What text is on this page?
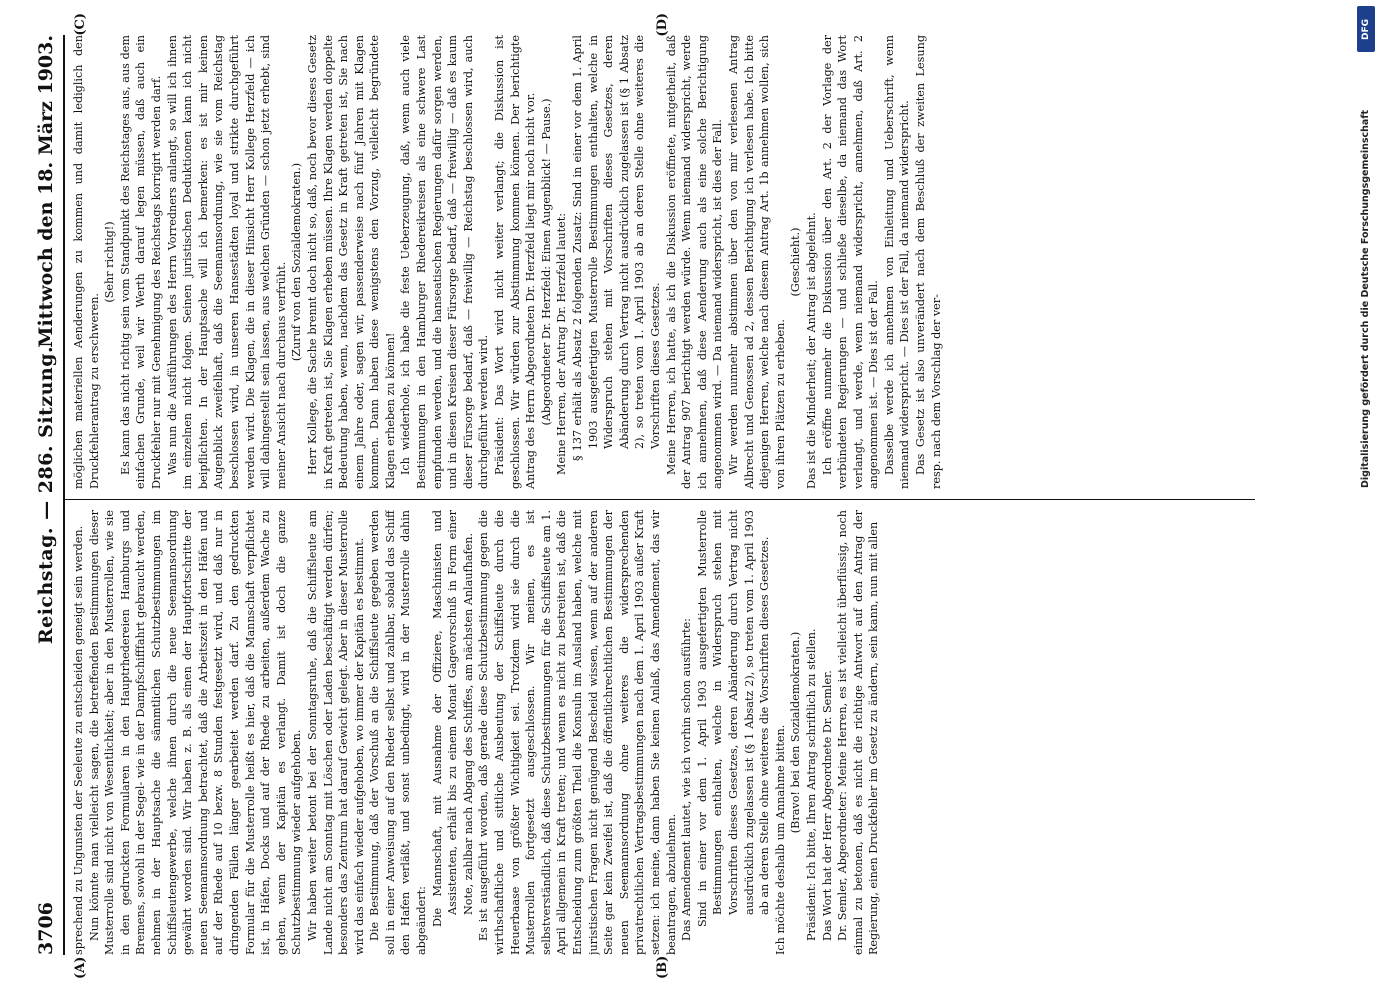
3706
Reichstag. — 286. Sitzung.
Mittwoch den 18. März 1903.
(A)	(B)
(C)	(D)

sprechend zu Ungunsten der Seeleute zu entscheiden geneigt sein werden. Nun könnte man vielleicht sagen, die betreffenden Bestimmungen dieser Musterrolle sind nicht von Wesentlichkeit; aber in den Musterrollen, wie sie in den gedruckten Formularen in den Hauptrhedereien Hamburgs und Bremens, sowohl in der Segel- wie in der Dampfschifffahrt gebraucht werden, nehmen in der Hauptsache die sämmtlichen Schutzbestimmungen im Schiffsleutengewerbe, welche ihnen durch die neue Seemannsordnung gewährt worden sind. Wir haben z. B. als einen der Hauptfortschritte der neuen Seemannsordnung betrachtet, daß die Arbeitszeit in den Häfen und auf der Rhede auf 10 bezw. 8 Stunden festgesetzt wird, und daß nur in dringenden Fällen länger gearbeitet werden darf. Zu den gedruckten Formular für die Musterrolle heißt es hier, daß die Mannschaft verpflichtet ist, in Häfen, Docks und auf der Rhede zu arbeiten, außerdem Wache zu gehen, wenn der Kapitän es verlangt. Damit ist doch die ganze Schutzbestimmung wieder aufgehoben. Wir haben weiter betont bei der Sonntagsruhe, daß die Schiffsleute am Lande nicht am Sonntag mit Löschen oder Laden beschäftigt werden dürfen; besonders das Zentrum hat darauf Gewicht gelegt. Aber in dieser Musterrolle wird das einfach wieder aufgehoben, wo immer der Kapitän es bestimmt. Die Bestimmung, daß der Vorschuß an die Schiffsleute gegeben werden soll in einer Anweisung auf den Rheder selbst und zahlbar, sobald das Schiff den Hafen verläßt, und sonst unbedingt, wird in der Musterrolle dahin abgeändert: Die Mannschaft, mit Ausnahme der Offiziere, Maschinisten und Assistenten, erhält bis zu einem Monat Gagevorschuß in Form einer Note, zahlbar nach Abgang des Schiffes, am nächsten Anlaufhafen. Es ist ausgeführt worden, daß gerade diese Schutzbestimmung gegen die wirthschaftliche und sittliche Ausbeutung der Schiffsleute durch die Heuerbaase von größter Wichtigkeit sei. Trotzdem wird sie durch die Musterrollen fortgesetzt ausgeschlossen. Wir meinen, es ist selbstverständlich, daß diese Schutzbestimmungen für die Schiffsleute am 1. April allgemein in Kraft treten; und wenn es nicht zu bestreiten ist, daß die Entscheidung zum größten Theil die Konsuln im Ausland haben, welche mit juristischen Fragen nicht genügend Bescheid wissen, wenn auf der anderen Seite gar kein Zweifel ist, daß die öffentlichrechtlichen Bestimmungen der neuen Seemannsordnung ohne weiteres die widersprechenden privatrechtlichen Vertragsbestimmungen nach dem 1. April 1903 außer Kraft setzen: ich meine, dann haben Sie keinen Anlaß, das Amendement, das wir beantragen, abzulehnen. Das Amendement lautet, wie ich vorhin schon ausführte: Sind in einer vor dem 1. April 1903 ausgefertigten Musterrolle Bestimmungen enthalten, welche in Widerspruch stehen mit Vorschriften dieses Gesetzes, deren Abänderung durch Vertrag nicht ausdrücklich zugelassen ist (§ 1 Absatz 2), so treten vom 1. April 1903 ab an deren Stelle ohne weiteres die Vorschriften dieses Gesetzes. Ich möchte deshalb um Annahme bitten. (Bravo! bei den Sozialdemokraten.) Präsident: Ich bitte, Ihren Antrag schriftlich zu stellen. Das Wort hat der Herr Abgeordnete Dr. Semler. Dr. Semler, Abgeordneter: Meine Herren, es ist vielleicht überflüssig, noch einmal zu betonen, daß es nicht die richtige Antwort auf den Antrag der Regierung, einen Druckfehler im Gesetz zu ändern, sein kann, nun mit allen

möglichen materiellen Aenderungen zu kommen und damit lediglich den Druckfehlerantrag zu erschweren.

(Sehr richtig!) Es kann das nicht richtig sein vom Standpunkt des Reichstages aus, aus dem einfachen Grunde, weil wir Werth darauf legen müssen, daß auch ein Druckfehler nur mit Genehmigung des Reichstags korrigirt werden darf. Was nun die Ausführungen des Herrn Vorredners anlangt, so will ich ihnen im einzelnen nicht folgen. Seinen juristischen Deduktionen kann ich nicht beipflichten. In der Hauptsache will ich bemerken: es ist mir keinen Augenblick zweifelhaft, daß die Seemannsordnung, wie sie vom Reichstag beschlossen wird, in unseren Hansestädten loyal und strikte durchgeführt werden wird. Die Klagen, die in dieser Hinsicht Herr Kollege Herzfeld — ich will dahingestellt sein lassen, aus welchen Gründen — schon jetzt erhebt, sind meiner Ansicht nach durchaus verfrüht. (Zuruf von den Sozialdemokraten.) Herr Kollege, die Sache brennt doch nicht so, daß, noch bevor dieses Gesetz in Kraft getreten ist, Sie Klagen erheben müssen. Ihre Klagen werden doppelte Bedeutung haben, wenn, nachdem das Gesetz in Kraft getreten ist, Sie nach einem Jahre oder, sagen wir, passenderweise nach fünf Jahren mit Klagen kommen. Dann haben diese wenigstens den Vorzug, vielleicht begründete Klagen erheben zu können! Ich wiederhole, ich habe die feste Ueberzeugung, daß, wenn auch viele Bestimmungen in den Hamburger Rhedereikreisen als eine schwere Last empfunden werden, und die hanseatischen Regierungen dafür sorgen werden, und in diesen Kreisen dieser Fürsorge bedarf, daß — freiwillig — daß es kaum dieser Fürsorge bedarf, daß — freiwillig — Reichstag beschlossen wird, auch durchgeführt werden wird. Präsident: Das Wort wird nicht weiter verlangt; die Diskussion ist geschlossen. Wir würden zur Abstimmung kommen können. Der berichtigte Antrag des Herrn Abgeordneten Dr. Herzfeld liegt mir noch nicht vor. (Abgeordneter Dr. Herzfeld: Einen Augenblick! — Pause.) Meine Herren, der Antrag Dr. Herzfeld lautet: § 137 erhält als Absatz 2 folgenden Zusatz: Sind in einer vor dem 1. April 1903 ausgefertigten Musterrolle Bestimmungen enthalten, welche in Widerspruch stehen mit Vorschriften dieses Gesetzes, deren Abänderung durch Vertrag nicht ausdrücklich zugelassen ist (§ 1 Absatz 2), so treten vom 1. April 1903 ab an deren Stelle ohne weiteres die Vorschriften dieses Gesetzes. Meine Herren, ich hatte, als ich die Diskussion eröffnete, mitgetheilt, daß der Antrag 907 berichtigt werden würde. Wenn niemand widerspricht, werde ich annehmen, daß diese Aenderung auch als eine solche Berichtigung angenommen wird. — Da niemand widerspricht, ist dies der Fall. Wir werden nunmehr abstimmen über den von mir verlesenen Antrag Albrecht und Genossen ad 2, dessen Berichtigung ich verlesen habe. Ich bitte diejenigen Herren, welche nach diesem Antrag Art. 1b annehmen wollen, sich von ihren Plätzen zu erheben.

(Geschieht.) Das ist die Minderheit; der Antrag ist abgelehnt. Ich eröffne nunmehr die Diskussion über den Art. 2 der Vorlage der verbündeten Regierungen — und schließe dieselbe, da niemand das Wort verlangt, und werde, wenn niemand widerspricht, annehmen, daß Art. 2 angenommen ist. — Dies ist der Fall. Dasselbe werde ich annehmen von Einleitung und Ueberschrift, wenn niemand widerspricht. — Dies ist der Fall, da niemand widerspricht. Das Gesetz ist also unverändert nach dem Beschluß der zweiten Lesung resp. nach dem Vorschlag der ver-

DFG
Digitalisierung gefördert durch die Deutsche Forschungsgemeinschaft
